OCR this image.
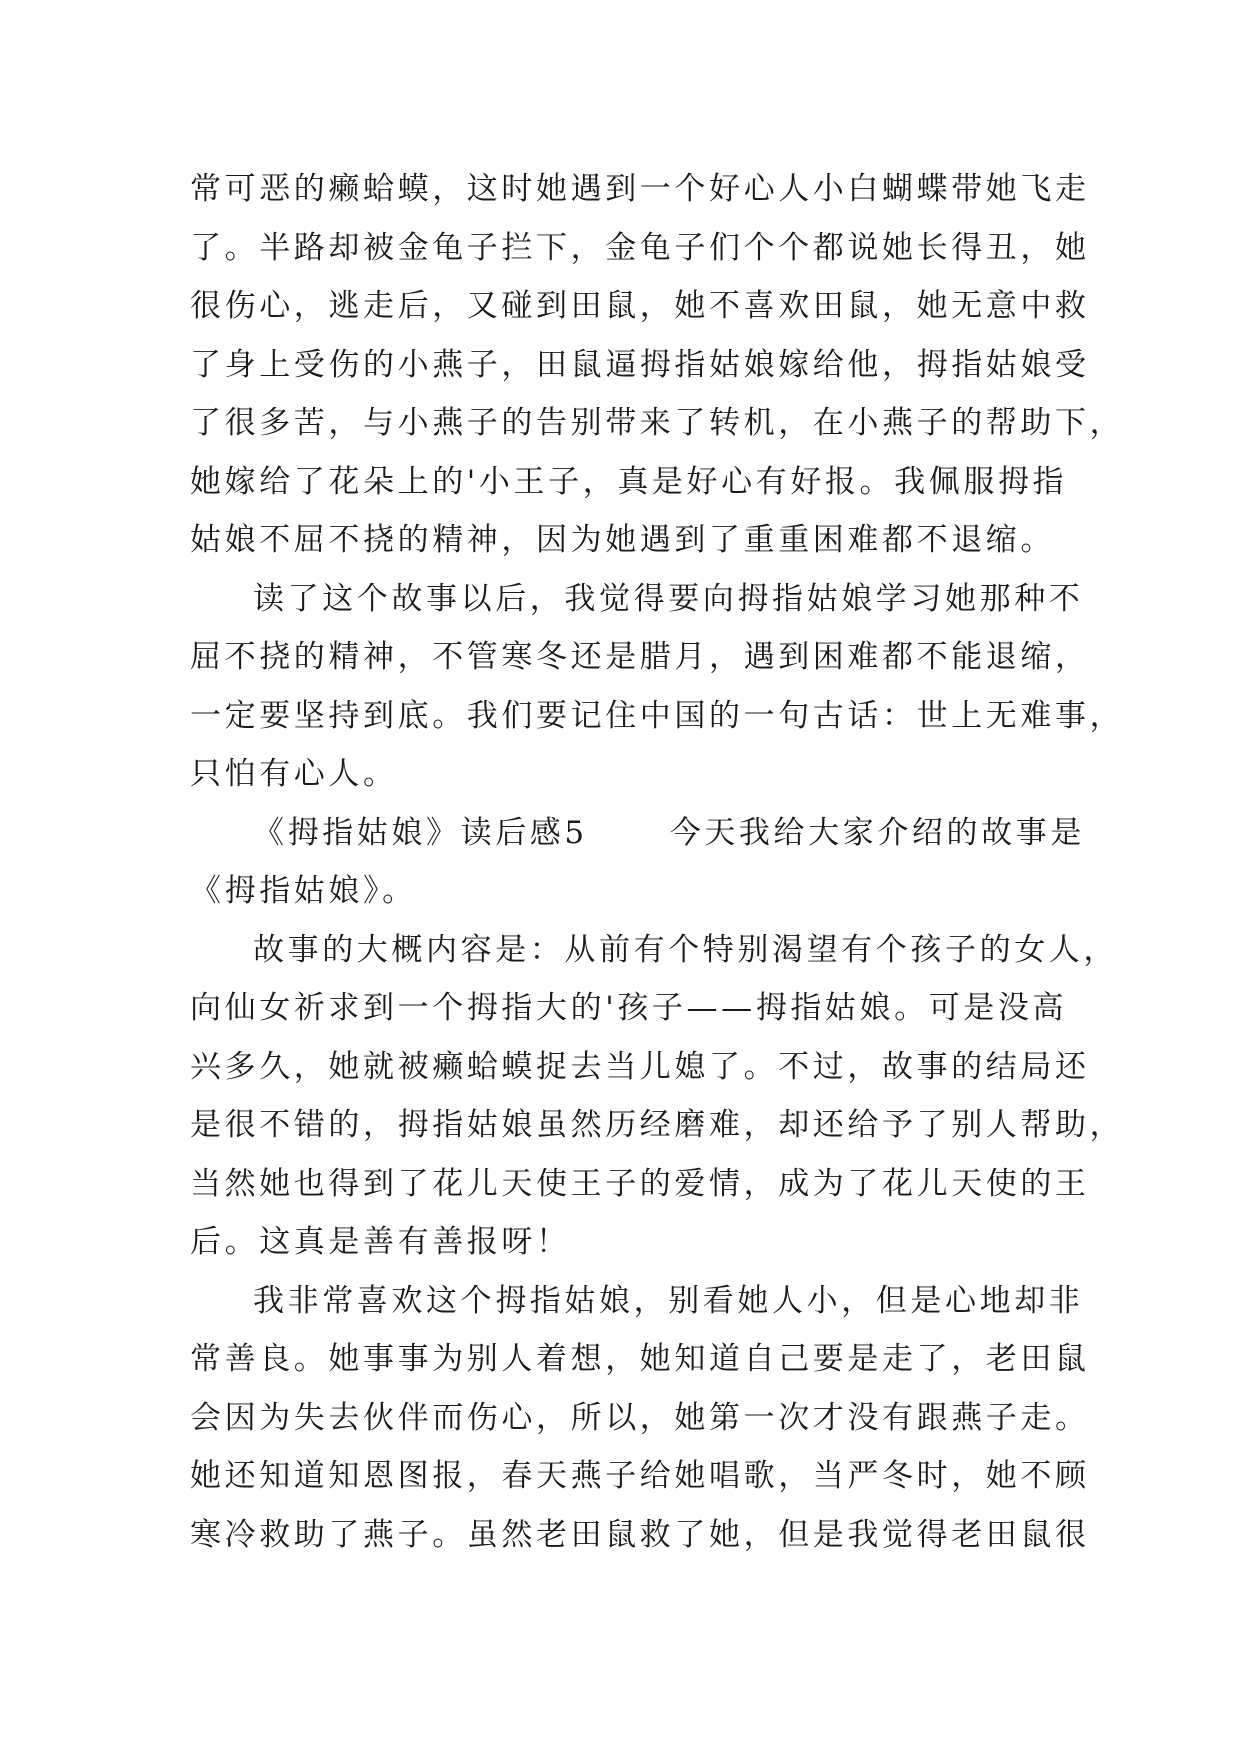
常可恶的癞蛤蟆，这时她遇到一个好心人小白蝴蝶带她飞走
了。半路却被金龟子拦下，金龟子们个个都说她长得丑，她
很伤心，逃走后，又碰到田鼠，她不喜欢田鼠，她无意中救
了身上受伤的小燕子，田鼠逼拇指姑娘嫁给他，拇指姑娘受
了很多苦，与小燕子的告别带来了转机，在小燕子的帮助下，
她嫁给了花朵上的'小王子，真是好心有好报。我佩服拇指
姑娘不屈不挠的精神，因为她遇到了重重困难都不退缩。
读了这个故事以后，我觉得要向拇指姑娘学习她那种不
屈不挠的精神，不管寒冬还是腊月，遇到困难都不能退缩，
一定要坚持到底。我们要记住中国的一句古话：世上无难事，
只怕有心人。
《拇指姑娘》读后感5	今天我给大家介绍的故事是
《拇指姑娘》。
故事的大概内容是：从前有个特别渴望有个孩子的女人，
向仙女祈求到一个拇指大的'孩子——拇指姑娘。可是没高
兴多久，她就被癞蛤蟆捉去当儿媳了。不过，故事的结局还
是很不错的，拇指姑娘虽然历经磨难，却还给予了别人帮助，
当然她也得到了花儿天使王子的爱情，成为了花儿天使的王
后。这真是善有善报呀！
我非常喜欢这个拇指姑娘，别看她人小，但是心地却非
常善良。她事事为别人着想，她知道自己要是走了，老田鼠
会因为失去伙伴而伤心，所以，她第一次才没有跟燕子走。
她还知道知恩图报，春天燕子给她唱歌，当严冬时，她不顾
寒冷救助了燕子。虽然老田鼠救了她，但是我觉得老田鼠很
